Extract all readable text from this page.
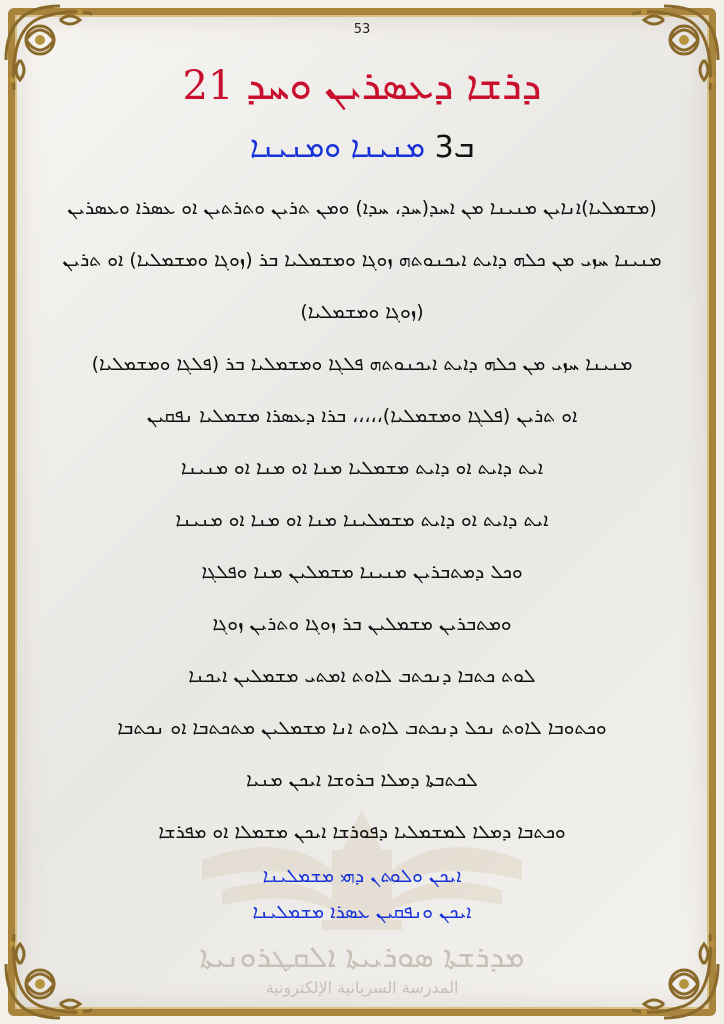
53
21 ܕܪܫܐ ܕܥܣܪܝܢ ܘܚܕ
ܒ3 ܡܢܝܢܐ ܘܡܢܝܢܐ
(ܡܫܡܠܝܐ)ܐܢܐܝܢ ܡܢܝܢܐ ܡܢ ܐܚܕ(ܚܕ، ܚܕܐ) ܘܡܢ ܬܪܝܢ ܘܬܪܬܝܢ ܐܘ ܥܣܪܐ ܘܥܣܪܝܢ
ܡܢܝܢܐ ܚܙܝ ܡܢ ܟܠܗ ܕܐܝܬ ܐܝܟܢܘܬܗ ܙܘܓܐ ܘܡܫܡܠܝܐ ܒܪ (ܙܘܓܐ ܘܡܫܡܠܝܐ) ܐܘ ܬܪܝܢ
(ܙܘܓܐ ܘܡܫܡܠܝܐ)
ܡܢܝܢܐ ܚܙܝ ܡܢ ܟܠܗ ܕܐܝܬ ܐܝܟܢܘܬܗ ܦܠܓܐ ܘܡܫܡܠܝܐ ܒܪ (ܦܠܓܐ ܘܡܫܡܠܝܐ)
ܐܘ ܬܪܝܢ (ܦܠܓܐ ܘܡܫܡܠܝܐ)،،،،، ܒܪܐ ܕܥܣܪܐ ܡܫܡܠܝܐ ܢܦܩܝܢ
ܐܝܬ ܕܐܝܬ ܐܘ ܕܐܝܬ ܡܫܡܠܝܐ ܡܢܐ ܐܘ ܡܢܐ ܐܘ ܡܢܝܢܐ
ܐܝܬ ܕܐܝܬ ܐܘ ܕܐܝܬ ܡܫܡܠܝܢܐ ܡܢܐ ܐܘ ܡܢܐ ܐܘ ܡܢܝܢܐ
ܘܟܠ ܕܡܬܒܪܝܢ ܡܢܝܢܐ ܡܫܡܠܝܢ ܡܢܐ ܘܦܠܓܐ
ܘܡܬܒܪܝܢ ܡܫܡܠܝܢ ܒܪ ܙܘܓܐ ܘܬܪܝܢ ܙܘܓܐ
ܠܘܬ ܟܬܒܐ ܕܢܟܬܒ ܠܐܘܬ ܐܡܬܝ ܡܫܡܠܝܢ ܐܝܟܢܐ
ܘܟܬܘܒܐ ܠܐܘܬ ܢܟܠ ܕܢܟܬܒ ܠܐܘܬ ܐܢܐ ܡܫܡܠܝܢ ܡܬܟܬܒܐ ܐܘ ܢܟܬܒܐ
ܠܟܬܒܬܐ ܕܡܠܐ ܒܪܘܫܐ ܐܝܟܢ ܡܢܝܐ
ܘܟܬܒܐ ܕܡܠܐ ܠܡܫܡܠܝܐ ܕܦܘܪܫܐ ܐܝܟܢ ܡܫܡܠܐ ܐܘ ܡܦܪܫܐ
ܐܝܟܢ ܘܠܘܬܢ ܕܗܝ ܡܫܡܠܝܢܐ
ܐܝܟܢ ܘܢܦܩܝܢ ܥܣܪܐ ܡܫܡܠܝܢܐ
ܡܕܪܫܬܐ ܣܘܪܝܝܬܐ ܐܠܩܛܪܘܢܝܬܐ
المدرسة السريانية الإلكترونية
